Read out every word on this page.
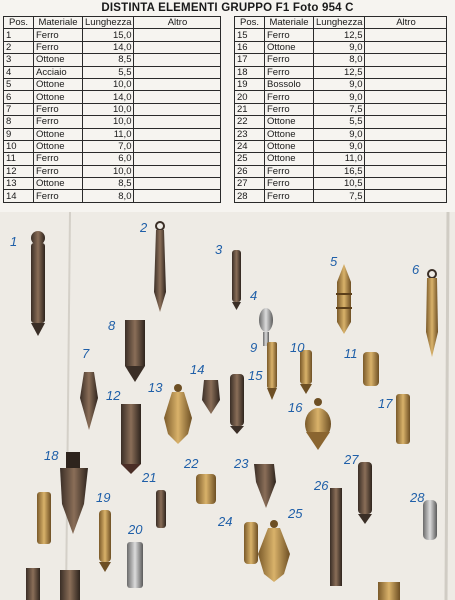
DISTINTA ELEMENTI GRUPPO F1 Foto 954 C
Pos.	Materiale	Lunghezza	Altro
1	Ferro	15,0	
2	Ferro	14,0	
3	Ottone	8,5	
4	Acciaio	5,5	
5	Ottone	10,0	
6	Ottone	14,0	
7	Ferro	10,0	
8	Ferro	10,0	
9	Ottone	11,0	
10	Ottone	7,0	
11	Ferro	6,0	
12	Ferro	10,0	
13	Ottone	8,5	
14	Ferro	8,0	
Pos.	Materiale	Lunghezza	Altro
15	Ferro	12,5	
16	Ottone	9,0	
17	Ferro	8,0	
18	Ferro	12,5	
19	Bossolo	9,0	
20	Ferro	9,0	
21	Ferro	7,5	
22	Ottone	5,5	
23	Ottone	9,0	
24	Ottone	9,0	
25	Ottone	11,0	
26	Ferro	16,5	
27	Ferro	10,5	
28	Ferro	7,5	
1
2
3
4
5
6
7
8
9	10	11
12
13
14	15
16	17
18
19
20
21
22	23
24
25
26
27
28
